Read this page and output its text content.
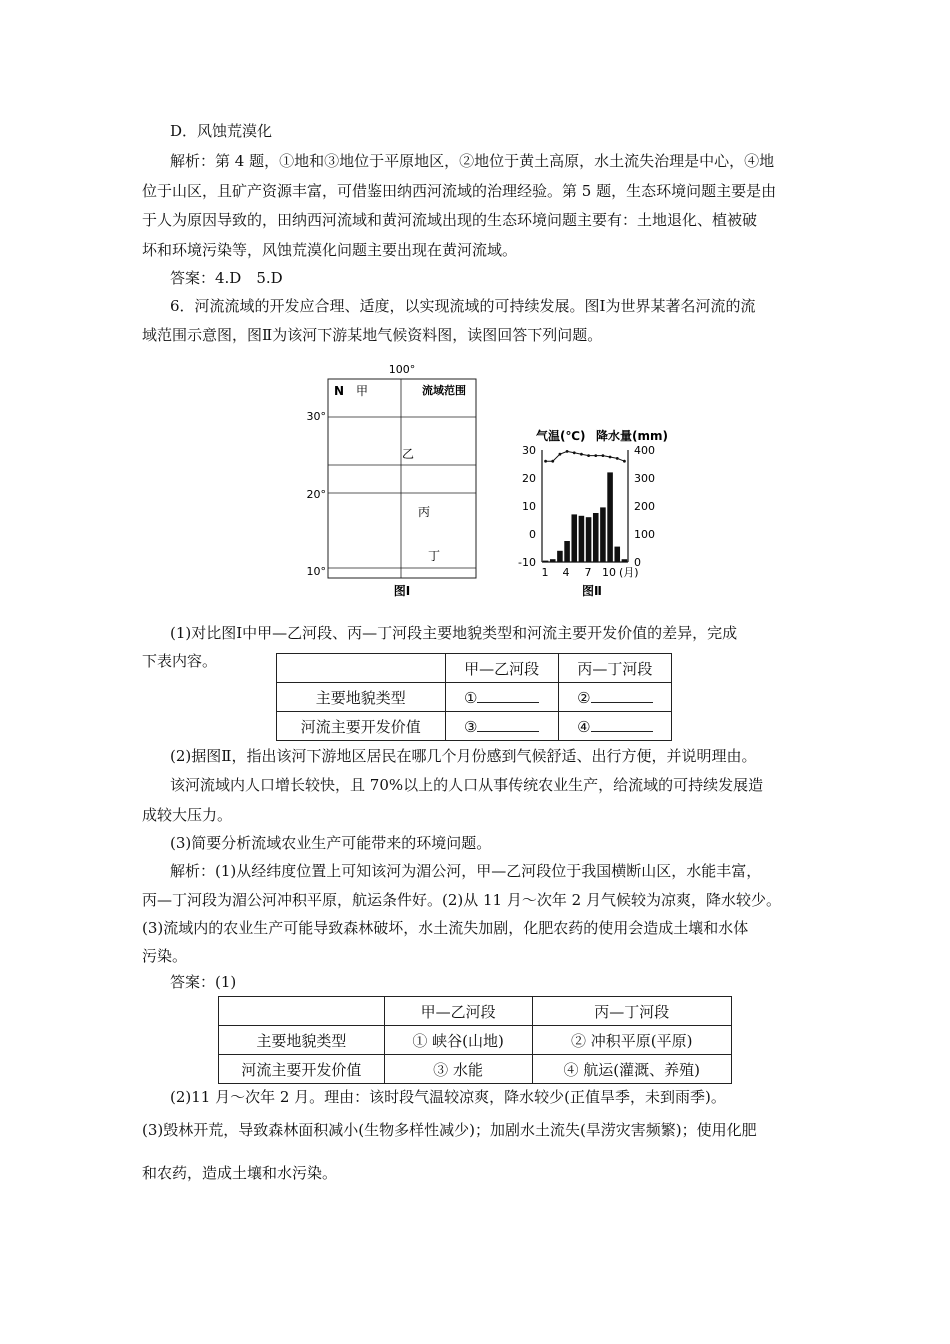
D．风蚀荒漠化
解析：第 4 题，①地和③地位于平原地区，②地位于黄土高原，水土流失治理是中心，④地
位于山区，且矿产资源丰富，可借鉴田纳西河流域的治理经验。第 5 题，生态环境问题主要是由
于人为原因导致的，田纳西河流域和黄河流域出现的生态环境问题主要有：土地退化、植被破
坏和环境污染等，风蚀荒漠化问题主要出现在黄河流域。
答案：4.D　5.D
6．河流流域的开发应合理、适度，以实现流域的可持续发展。图Ⅰ为世界某著名河流的流
域范围示意图，图Ⅱ为该河下游某地气候资料图，读图回答下列问题。
100°
30°
20°
10°
N 甲	流域范围
乙
丙
丁
图Ⅰ
气温(℃) 降水量(mm)
30
20
10
0
-10
400
300
200
100
0
1 4 7 10 (月)
图Ⅱ
(1)对比图Ⅰ中甲—乙河段、丙—丁河段主要地貌类型和河流主要开发价值的差异，完成
下表内容。
		甲—乙河段	丙—丁河段
主要地貌类型	①	②
河流主要开发价值	③	④
(2)据图Ⅱ，指出该河下游地区居民在哪几个月份感到气候舒适、出行方便，并说明理由。
该河流域内人口增长较快，且 70%以上的人口从事传统农业生产，给流域的可持续发展造
成较大压力。
(3)简要分析流域农业生产可能带来的环境问题。
解析：(1)从经纬度位置上可知该河为湄公河，甲—乙河段位于我国横断山区，水能丰富，
丙—丁河段为湄公河冲积平原，航运条件好。(2)从 11 月～次年 2 月气候较为凉爽，降水较少。
(3)流域内的农业生产可能导致森林破坏，水土流失加剧，化肥农药的使用会造成土壤和水体
污染。
答案：(1)
	甲—乙河段	丙—丁河段
主要地貌类型	① 峡谷(山地)	② 冲积平原(平原)
河流主要开发价值	③ 水能	④ 航运(灌溉、养殖)
(2)11 月～次年 2 月。理由：该时段气温较凉爽，降水较少(正值旱季，未到雨季)。
(3)毁林开荒，导致森林面积减小(生物多样性减少)；加剧水土流失(旱涝灾害频繁)；使用化肥
和农药，造成土壤和水污染。
